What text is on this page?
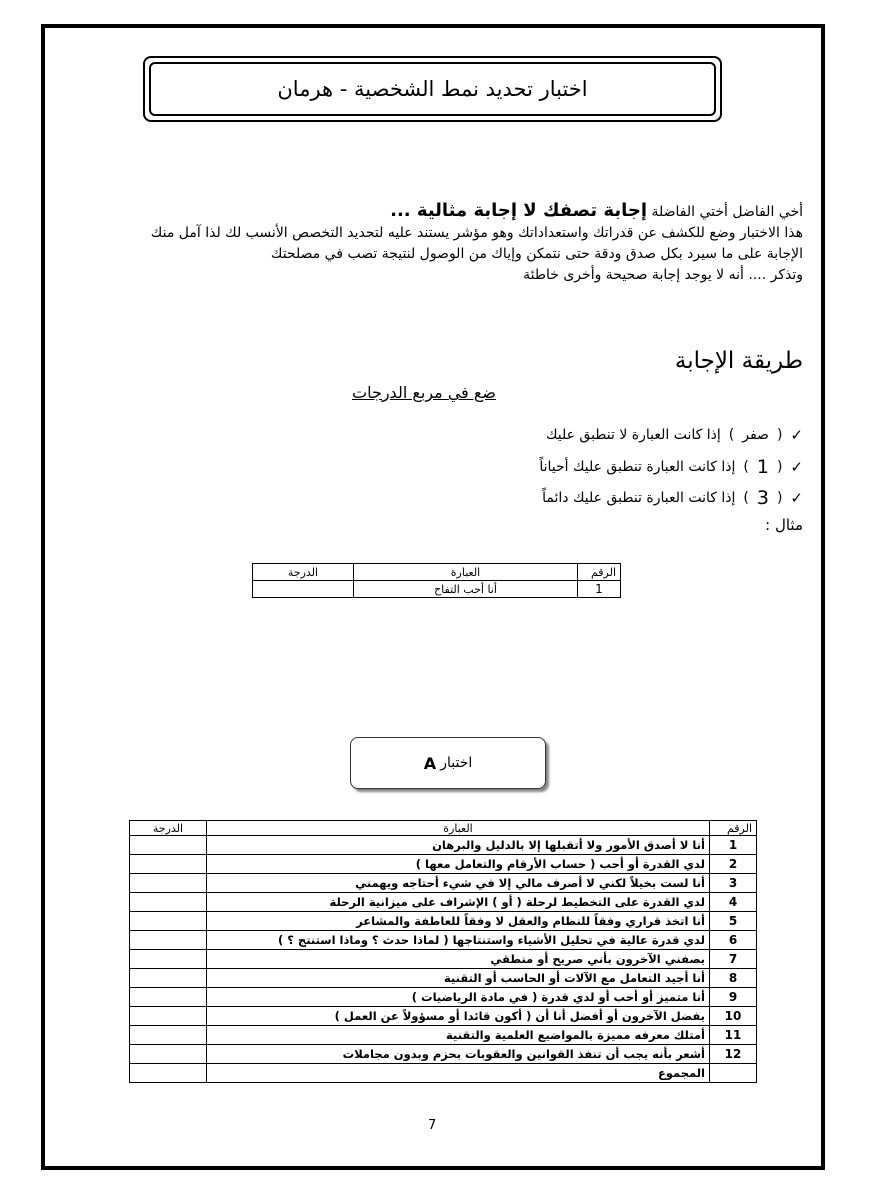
اختبار تحديد نمط الشخصية - هرمان
أخي الفاضل أختي الفاضلة إجابة تصفك لا إجابة مثالية ...
هذا الاختبار وضع للكشف عن قدراتك واستعداداتك وهو مؤشر يستند عليه لتحديد التخصص الأنسب لك لذا آمل منك
الإجابة على ما سيرد بكل صدق ودقة حتى نتمكن وإياك من الوصول لنتيجة تصب في مصلحتك
وتذكر .... أنه لا يوجد إجابة صحيحة وأخرى خاطئة
طريقة الإجابة
ضع في مربع الدرجات
✓
(
صفر
)
إذا كانت العبارة لا تنطبق عليك
✓
(
1
)
إذا كانت العبارة تنطبق عليك أحياناً
✓
(
3
)
إذا كانت العبارة تنطبق عليك دائماً
مثال :
الرقم	العبارة	الدرجة
1	أنا أحب التفاح	
اختبار
A
الرقم	العبارة	الدرجة
1	أنا لا أصدق الأمور ولا أتقبلها إلا بالدليل والبرهان	
2	لدي القدرة أو أحب ( حساب الأرقام والتعامل معها )	
3	أنا لست بخيلاً لكني لا أصرف مالي إلا في شيء أحتاجه ويهمني	
4	لدي القدرة على التخطيط لرحلة ( أو ) الإشراف على ميزانية الرحلة	
5	أنا اتخذ قراري وفقاً للنظام والعقل لا وفقاً للعاطفة والمشاعر	
6	لدي قدرة عالية في تحليل الأشياء واستنتاجها ( لماذا حدث ؟ وماذا استنتج ؟ )	
7	يصفني الآخرون بأني صريح أو منطقي	
8	أنا أجيد التعامل مع الآلات أو الحاسب أو التقنية	
9	أنا متميز أو أحب أو لدي قدرة ( في مادة الرياضيات )	
10	يفضل الآخرون أو أفضل أنا أن ( أكون قائدا أو مسؤولاً عن العمل )	
11	أمتلك معرفه مميزة بالمواضيع العلمية والتقنية	
12	أشعر بأنه يجب أن تنفذ القوانين والعقوبات بحزم وبدون مجاملات	
	المجموع	
7
